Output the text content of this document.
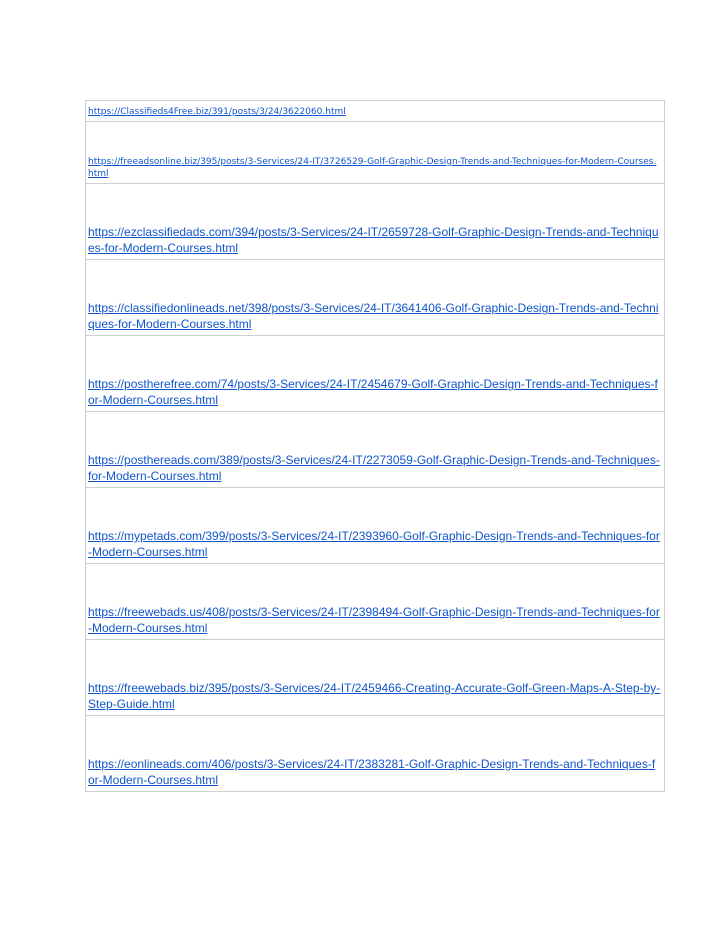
https://Classifieds4Free.biz/391/posts/3/24/3622060.html

https://freeadsonline.biz/395/posts/3-Services/24-IT/3726529-Golf-Graphic-Design-Trends-and-Techniques-for-Modern-Courses.html

https://ezclassifiedads.com/394/posts/3-Services/24-IT/2659728-Golf-Graphic-Design-Trends-and-Techniques-for-Modern-Courses.html

https://classifiedonlineads.net/398/posts/3-Services/24-IT/3641406-Golf-Graphic-Design-Trends-and-Techniques-for-Modern-Courses.html

https://postherefree.com/74/posts/3-Services/24-IT/2454679-Golf-Graphic-Design-Trends-and-Techniques-for-Modern-Courses.html

https://posthereads.com/389/posts/3-Services/24-IT/2273059-Golf-Graphic-Design-Trends-and-Techniques-for-Modern-Courses.html

https://mypetads.com/399/posts/3-Services/24-IT/2393960-Golf-Graphic-Design-Trends-and-Techniques-for-Modern-Courses.html

https://freewebads.us/408/posts/3-Services/24-IT/2398494-Golf-Graphic-Design-Trends-and-Techniques-for-Modern-Courses.html

https://freewebads.biz/395/posts/3-Services/24-IT/2459466-Creating-Accurate-Golf-Green-Maps-A-Step-by-Step-Guide.html

https://eonlineads.com/406/posts/3-Services/24-IT/2383281-Golf-Graphic-Design-Trends-and-Techniques-for-Modern-Courses.html
